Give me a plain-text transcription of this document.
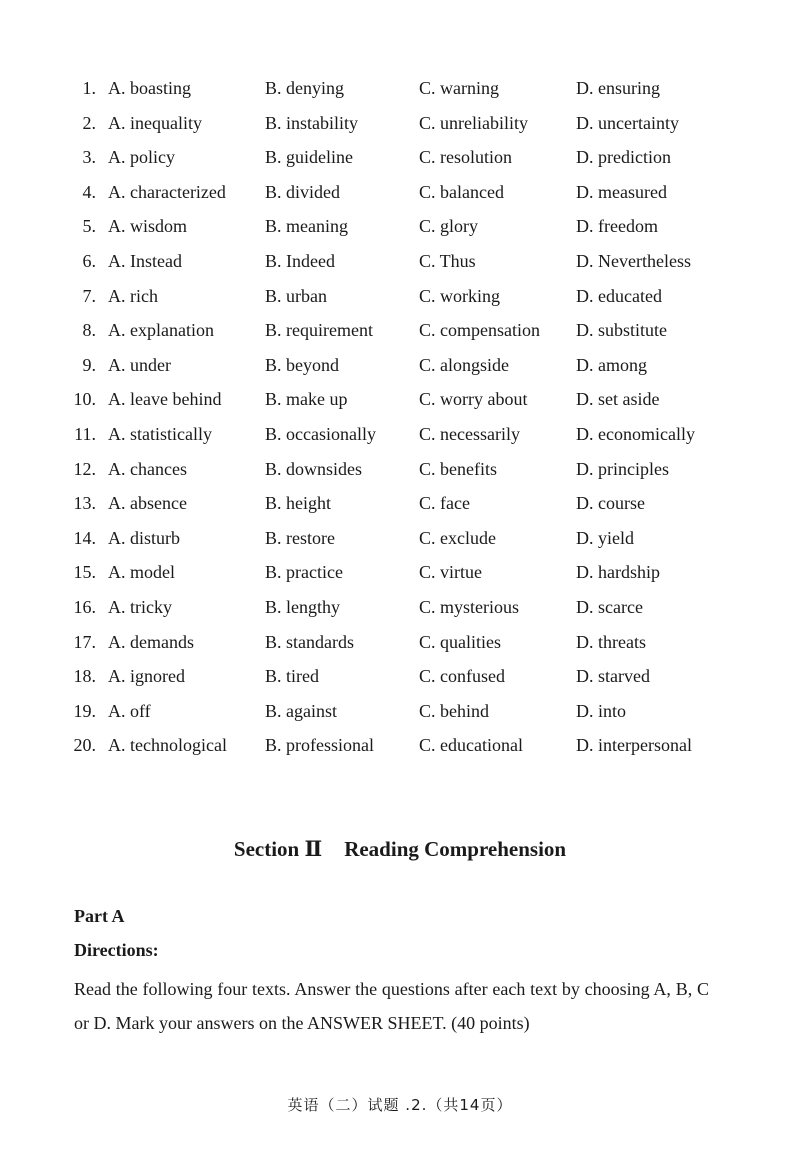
1. A. boasting	B. denying	C. warning	D. ensuring
2. A. inequality	B. instability	C. unreliability	D. uncertainty
3. A. policy	B. guideline	C. resolution	D. prediction
4. A. characterized B. divided	C. balanced	D. measured
5. A. wisdom	B. meaning	C. glory	D. freedom
6. A. Instead	B. Indeed	C. Thus	D. Nevertheless
7. A. rich	B. urban	C. working	D. educated
8. A. explanation	B. requirement	C. compensation D. substitute
9. A. under	B. beyond	C. alongside	D. among
10. A. leave behind B. make up	C. worry about	D. set aside
11. A. statistically	B. occasionally C. necessarily	D. economically
12. A. chances	B. downsides	C. benefits	D. principles
13. A. absence	B. height	C. face	D. course
14. A. disturb	B. restore	C. exclude	D. yield
15. A. model	B. practice	C. virtue	D. hardship
16. A. tricky	B. lengthy	C. mysterious	D. scarce
17. A. demands	B. standards	C. qualities	D. threats
18. A. ignored	B. tired	C. confused	D. starved
19. A. off	B. against	C. behind	D. into
20. A. technological B. professional	C. educational	D. interpersonal
Section Ⅱ Reading Comprehension
Part A
Directions:

Read the following four texts. Answer the questions after each text by choosing A, B, C or D. Mark your answers on the ANSWER SHEET. (40 points)

英语（二）试题 .2.（共14页）
